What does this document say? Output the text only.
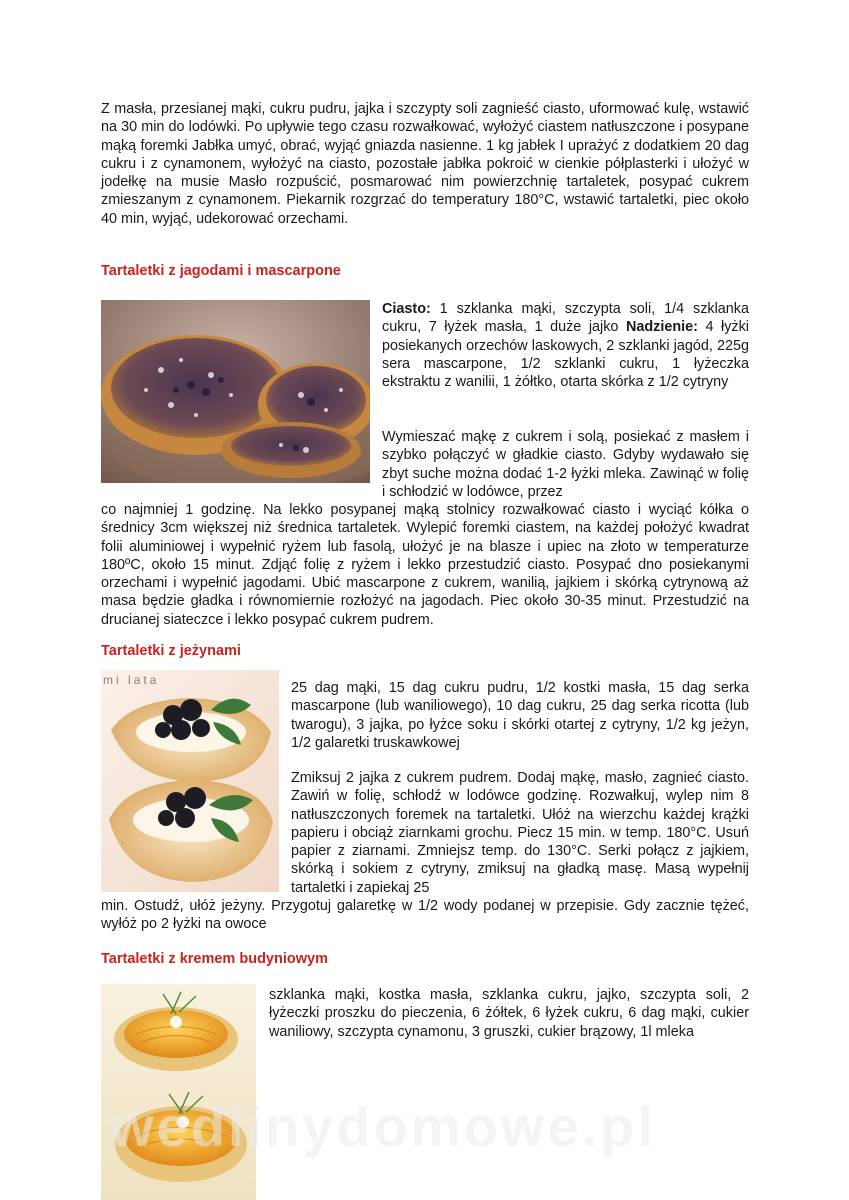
Z masła, przesianej mąki, cukru pudru, jajka i szczypty soli zagnieść ciasto, uformować kulę, wstawić na 30 min do lodówki. Po upływie tego czasu rozwałkować, wyłożyć ciastem natłuszczone i posypane mąką foremki Jabłka umyć, obrać, wyjąć gniazda nasienne. 1 kg jabłek I uprażyć z dodatkiem 20 dag cukru i z cynamonem, wyłożyć na ciasto, pozostałe jabłka pokroić w cienkie półplasterki i ułożyć w jodełkę na musie Masło rozpuścić, posmarować nim powierzchnię tartaletek, posypać cukrem zmieszanym z cynamonem. Piekarnik rozgrzać do temperatury 180°C, wstawić tartaletki, piec około 40 min, wyjąć, udekorować orzechami.

Tartaletki z jagodami i mascarpone

Ciasto: 1 szklanka mąki, szczypta soli, 1/4 szklanka cukru, 7 łyżek masła, 1 duże jajko Nadzienie: 4 łyżki posiekanych orzechów laskowych, 2 szklanki jagód, 225g sera mascarpone, 1/2 szklanki cukru, 1 łyżeczka ekstraktu z wanilii, 1 żółtko, otarta skórka z 1/2 cytryny

Wymieszać mąkę z cukrem i solą, posiekać z masłem i szybko połączyć w gładkie ciasto. Gdyby wydawało się zbyt suche można dodać 1-2 łyżki mleka. Zawinąć w folię i schłodzić w lodówce, przez

co najmniej 1 godzinę. Na lekko posypanej mąką stolnicy rozwałkować ciasto i wyciąć kółka o średnicy 3cm większej niż średnica tartaletek. Wylepić foremki ciastem, na każdej położyć kwadrat folii aluminiowej i wypełnić ryżem lub fasolą, ułożyć je na blasze i upiec na złoto w temperaturze 180ºC, około 15 minut. Zdjąć folię z ryżem i lekko przestudzić ciasto. Posypać dno posiekanymi orzechami i wypełnić jagodami. Ubić mascarpone z cukrem, wanilią, jajkiem i skórką cytrynową aż masa będzie gładka i równomiernie rozłożyć na jagodach. Piec około 30-35 minut. Przestudzić na drucianej siateczce i lekko posypać cukrem pudrem.

Tartaletki z jeżynami
mi lata	25 dag mąki, 15 dag cukru pudru, 1/2 kostki masła, 15 dag serka mascarpone (lub waniliowego), 10 dag cukru, 25 dag serka ricotta (lub twarogu), 3 jajka, po łyżce soku i skórki otartej z cytryny, 1/2 kg jeżyn, 1/2 galaretki truskawkowej

Zmiksuj 2 jajka z cukrem pudrem. Dodaj mąkę, masło, zagnieć ciasto. Zawiń w folię, schłodź w lodówce godzinę. Rozwałkuj, wylep nim 8 natłuszczonych foremek na tartaletki. Ułóż na wierzchu każdej krążki papieru i obciąż ziarnkami grochu. Piecz 15 min. w temp. 180°C. Usuń papier z ziarnami. Zmniejsz temp. do 130°C. Serki połącz z jajkiem, skórką i sokiem z cytryny, zmiksuj na gładką masę. Masą wypełnij tartaletki i zapiekaj 25

min. Ostudź, ułóż jeżyny. Przygotuj galaretkę w 1/2 wody podanej w przepisie. Gdy zacznie tężeć, wyłóż po 2 łyżki na owoce

Tartaletki z kremem budyniowym

szklanka mąki, kostka masła, szklanka cukru, jajko, szczypta soli, 2 łyżeczki proszku do pieczenia, 6 żółtek, 6 łyżek cukru, 6 dag mąki, cukier waniliowy, szczypta cynamonu, 3 gruszki, cukier brązowy, 1l mleka

wedlinydomowe.pl
